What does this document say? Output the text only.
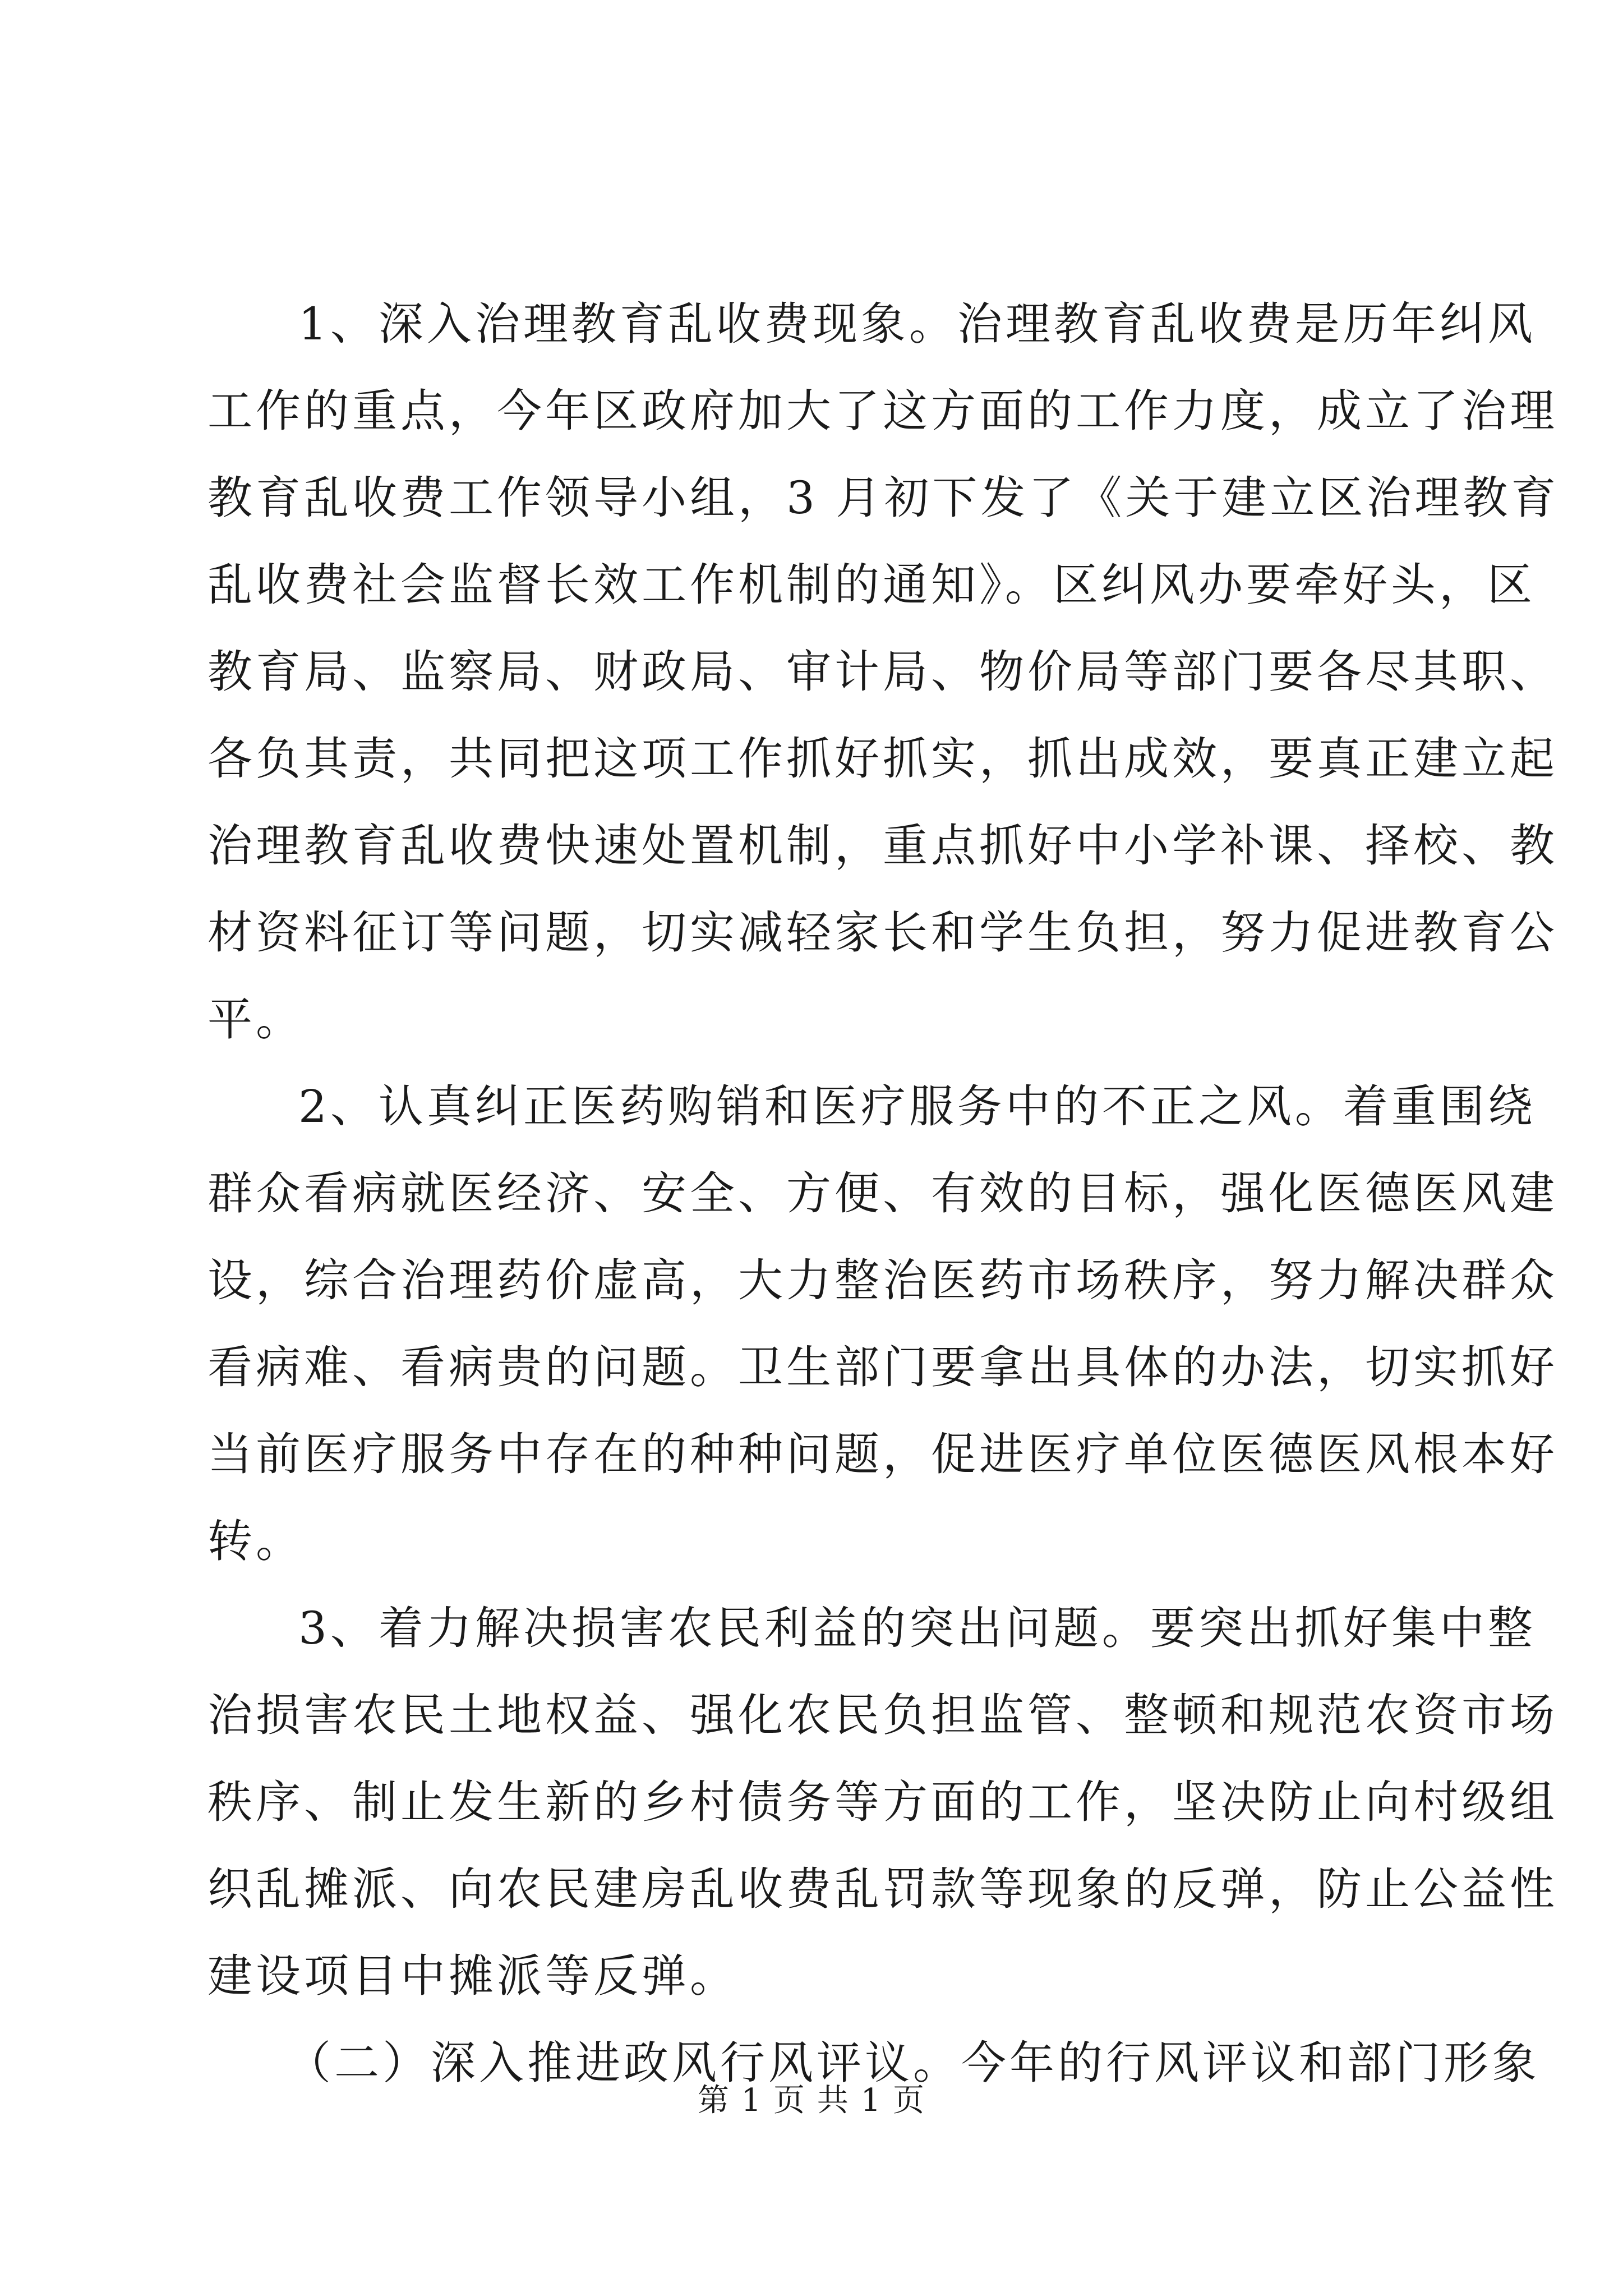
1、深入治理教育乱收费现象。治理教育乱收费是历年纠风
工作的重点，今年区政府加大了这方面的工作力度，成立了治理
教育乱收费工作领导小组，3 月初下发了《关于建立区治理教育
乱收费社会监督长效工作机制的通知》。区纠风办要牵好头，区
教育局、监察局、财政局、审计局、物价局等部门要各尽其职、
各负其责，共同把这项工作抓好抓实，抓出成效，要真正建立起
治理教育乱收费快速处置机制，重点抓好中小学补课、择校、教
材资料征订等问题，切实减轻家长和学生负担，努力促进教育公
平。
2、认真纠正医药购销和医疗服务中的不正之风。着重围绕
群众看病就医经济、安全、方便、有效的目标，强化医德医风建
设，综合治理药价虚高，大力整治医药市场秩序，努力解决群众
看病难、看病贵的问题。卫生部门要拿出具体的办法，切实抓好
当前医疗服务中存在的种种问题，促进医疗单位医德医风根本好
转。
3、着力解决损害农民利益的突出问题。要突出抓好集中整
治损害农民土地权益、强化农民负担监管、整顿和规范农资市场
秩序、制止发生新的乡村债务等方面的工作，坚决防止向村级组
织乱摊派、向农民建房乱收费乱罚款等现象的反弹，防止公益性
建设项目中摊派等反弹。
（二）深入推进政风行风评议。今年的行风评议和部门形象
第 1 页 共 1 页
